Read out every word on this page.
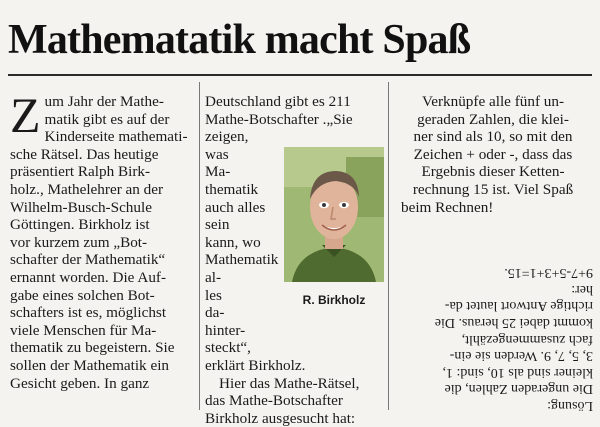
Mathematatik macht Spaß
Z um Jahr der Mathe-
matik gibt es auf der
Kinderseite mathemati-
sche Rätsel. Das heutige
präsentiert Ralph Birk-
holz., Mathelehrer an der
Wilhelm-Busch-Schule
Göttingen. Birkholz ist
vor kurzem zum „Bot-
schafter der Mathematik“
ernannt worden. Die Auf-
gabe eines solchen Bot-
schafters ist es, möglichst
viele Menschen für Ma-
thematik zu begeistern. Sie
sollen der Mathematik ein
Gesicht geben. In ganz
Deutschland gibt es 211
Mathe-Botschafter .„Sie
zeigen,
was
Ma-
thematik
auch alles
sein
kann, wo
Mathematik
al-
les
da-
hinter-
steckt“,
erklärt Birkholz.
Hier das Mathe-Rätsel,
das Mathe-Botschafter
Birkholz ausgesucht hat:
R. Birkholz
Verknüpfe alle fünf un-
geraden Zahlen, die klei-
ner sind als 10, so mit den
Zeichen + oder -, dass das
Ergebnis dieser Ketten-
rechnung 15 ist. Viel Spaß
beim Rechnen!
Lösung:
Die ungeraden Zahlen, die
kleiner sind als 10, sind: 1,
3, 5, 7, 9. Werden sie ein-
fach zusammengezählt,
kommt dabei 25 heraus. Die
richtige Antwort lautet da-
her:
9+7-5+3+1=15.
